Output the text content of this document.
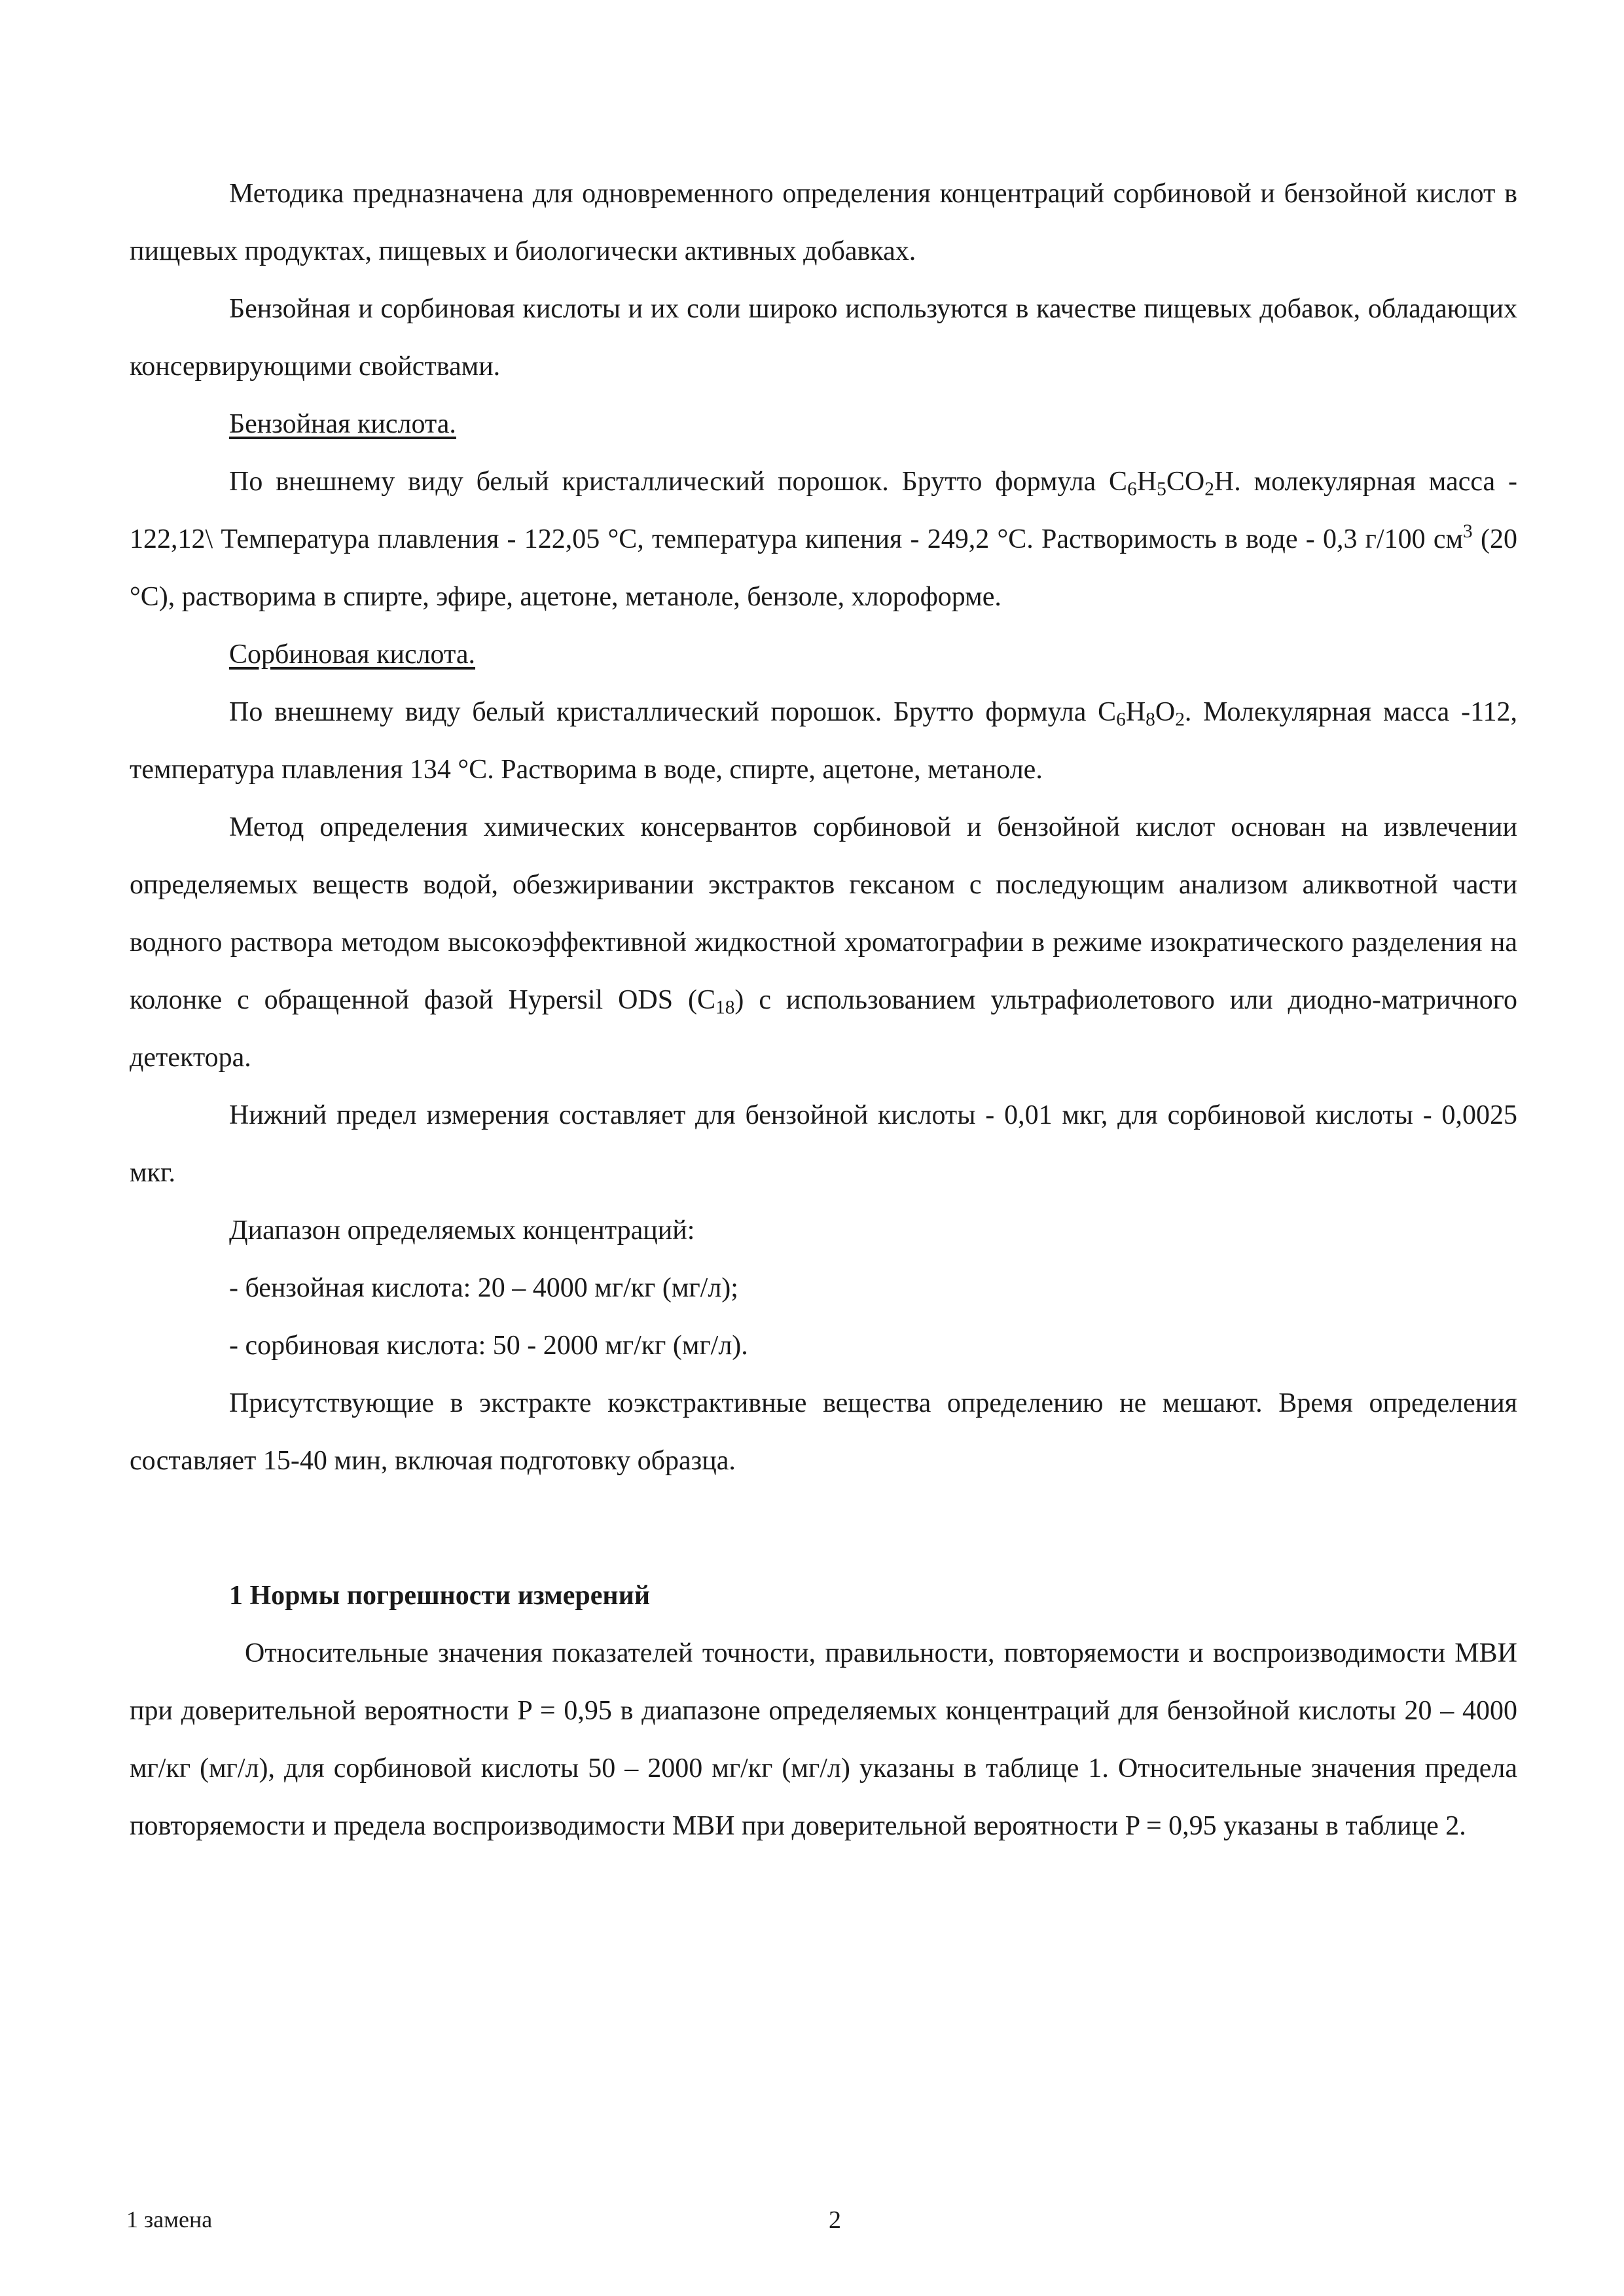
Методика предназначена для одновременного определения концентраций сорбиновой и бензойной кислот в пищевых продуктах, пищевых и биологически активных добавках.

Бензойная и сорбиновая кислоты и их соли широко используются в качестве пищевых добавок, обладающих консервирующими свойствами.

Бензойная кислота.

По внешнему виду белый кристаллический порошок. Брутто формула $C_6H_5CO_2H$. молекулярная масса - 122,12\ Температура плавления - 122,05 °C, температура кипения - 249,2 °C. Растворимость в воде - 0,3 г/100 $см^3$ (20 °C), растворима в спирте, эфире, ацетоне, метаноле, бензоле, хлороформе.

Сорбиновая кислота.

По внешнему виду белый кристаллический порошок. Брутто формула $C_6H_8O_2$. Молекулярная масса -112, температура плавления 134 °C. Растворима в воде, спирте, ацетоне, метаноле.

Метод определения химических консервантов сорбиновой и бензойной кислот основан на извлечении определяемых веществ водой, обезжиривании экстрактов гексаном с последующим анализом аликвотной части водного раствора методом высокоэффективной жидкостной хроматографии в режиме изократического разделения на колонке с обращенной фазой Hypersil ODS $(C_{18})$ с использованием ультрафиолетового или диодно-матричного детектора.

Нижний предел измерения составляет для бензойной кислоты - 0,01 мкг, для сорбиновой кислоты - 0,0025 мкг.

Диапазон определяемых концентраций:

- бензойная кислота: 20 – 4000 мг/кг (мг/л);

- сорбиновая кислота: 50 - 2000 мг/кг (мг/л).

Присутствующие в экстракте коэкстрактивные вещества определению не мешают. Время определения составляет 15-40 мин, включая подготовку образца.

1 Нормы погрешности измерений

Относительные значения показателей точности, правильности, повторяемости и воспроизводимости МВИ при доверительной вероятности P = 0,95 в диапазоне определяемых концентраций для бензойной кислоты 20 – 4000 мг/кг (мг/л), для сорбиновой кислоты 50 – 2000 мг/кг (мг/л) указаны в таблице 1. Относительные значения предела повторяемости и предела воспроизводимости МВИ при доверительной вероятности P = 0,95 указаны в таблице 2.

1 замена	2
